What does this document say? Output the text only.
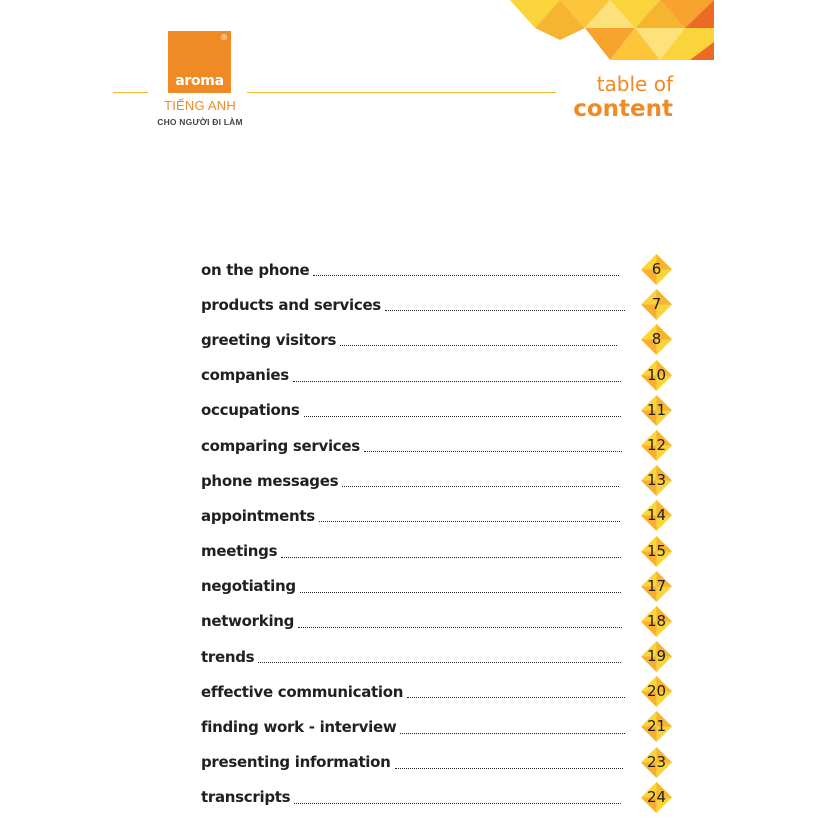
®
aroma
TIẾNG ANH
CHO NGƯỜI ĐI LÀM
table of
content
on the phone	6
products and services	7
greeting visitors	8
companies	10
occupations	11
comparing services	12
phone messages	13
appointments	14
meetings	15
negotiating	17
networking	18
trends	19
effective communication	20
finding work - interview	21
presenting information	23
transcripts	24
